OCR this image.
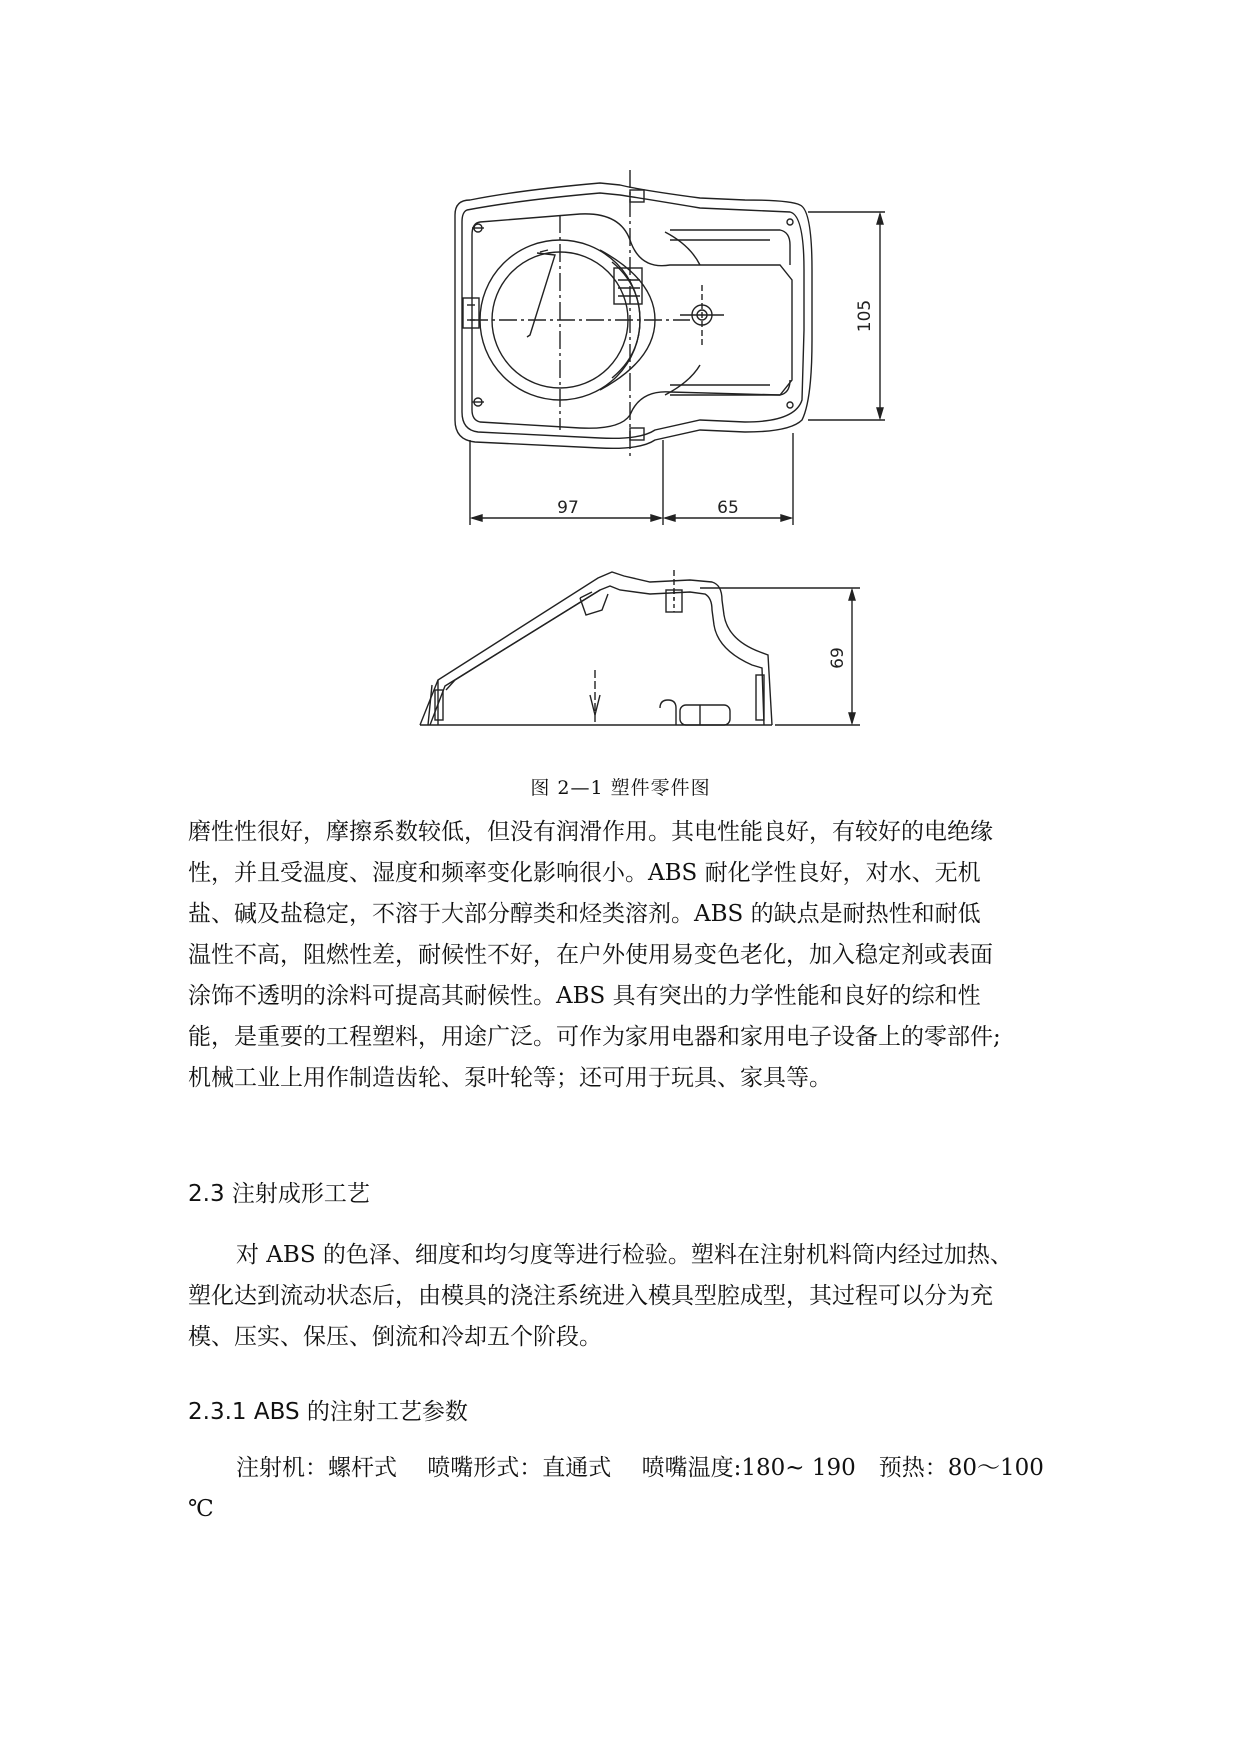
97	65
105
69
图 2—1 塑件零件图
磨性性很好，摩擦系数较低，但没有润滑作用。其电性能良好，有较好的电绝缘
性，并且受温度、湿度和频率变化影响很小。ABS 耐化学性良好，对水、无机
盐、碱及盐稳定，不溶于大部分醇类和烃类溶剂。ABS 的缺点是耐热性和耐低
温性不高，阻燃性差，耐候性不好，在户外使用易变色老化，加入稳定剂或表面
涂饰不透明的涂料可提高其耐候性。ABS 具有突出的力学性能和良好的综和性
能，是重要的工程塑料，用途广泛。可作为家用电器和家用电子设备上的零部件;
机械工业上用作制造齿轮、泵叶轮等；还可用于玩具、家具等。
2.3 注射成形工艺
对 ABS 的色泽、细度和均匀度等进行检验。塑料在注射机料筒内经过加热、
塑化达到流动状态后，由模具的浇注系统进入模具型腔成型，其过程可以分为充
模、压实、保压、倒流和冷却五个阶段。
2.3.1 ABS 的注射工艺参数
注射机：螺杆式　 喷嘴形式：直通式　 喷嘴温度:180~ 190　预热：80～100
℃
